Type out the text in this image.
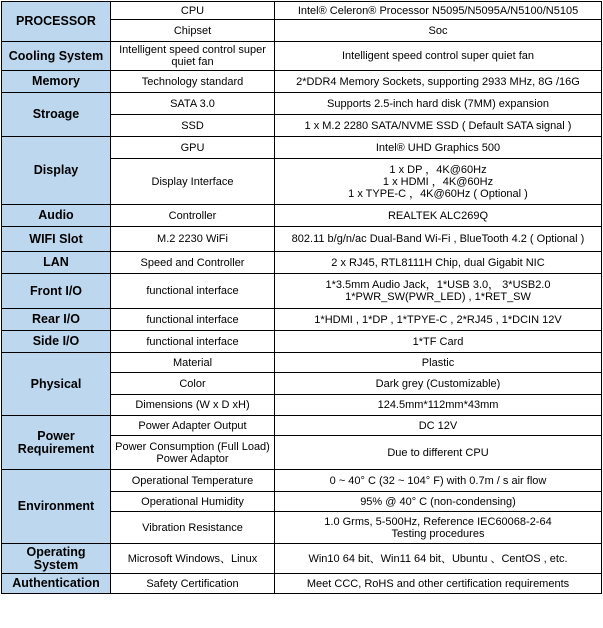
PROCESSOR	CPU	Intel® Celeron® Processor N5095/N5095A/N5100/N5105

	Chipset	Soc

Cooling System	Intelligent speed control super quiet fan	Intelligent speed control super quiet fan

Memory	Technology standard	2*DDR4 Memory Sockets, supporting 2933 MHz, 8G /16G

Stroage	SATA 3.0	Supports 2.5-inch hard disk (7MM) expansion

	SSD	1 x M.2 2280 SATA/NVME SSD ( Default SATA signal )

Display	GPU	Intel® UHD Graphics 500

	Display Interface	1 x DP ，4K@60Hz
1 x HDMI ，4K@60Hz
1 x TYPE-C ，4K@60Hz ( Optional )

Audio	Controller	REALTEK ALC269Q

WIFI Slot	M.2 2230 WiFi	802.11 b/g/n/ac Dual-Band Wi-Fi , BlueTooth 4.2 ( Optional )

LAN	Speed and Controller	2 x RJ45, RTL8111H Chip, dual Gigabit NIC

Front I/O	functional interface	1*3.5mm Audio Jack，1*USB 3.0， 3*USB2.0
1*PWR_SW(PWR_LED) , 1*RET_SW

Rear I/O	functional interface	1*HDMI , 1*DP , 1*TPYE-C , 2*RJ45 , 1*DCIN 12V

Side I/O	functional interface	1*TF Card

Physical	Material	Plastic

	Color	Dark grey (Customizable)

	Dimensions (W x D xH)	124.5mm*112mm*43mm

Power Requirement	Power Adapter Output	DC 12V

	Power Consumption (Full Load) Power Adaptor	Due to different CPU

Environment	Operational Temperature	0 ~ 40° C (32 ~ 104° F) with 0.7m / s air flow

	Operational Humidity	95% @ 40° C (non-condensing)

	Vibration Resistance	1.0 Grms, 5-500Hz, Reference IEC60068-2-64
Testing procedures

Operating System	Microsoft Windows、Linux	Win10 64 bit、Win11 64 bit、Ubuntu 、CentOS , etc.

Authentication	Safety Certification	Meet CCC, RoHS and other certification requirements
